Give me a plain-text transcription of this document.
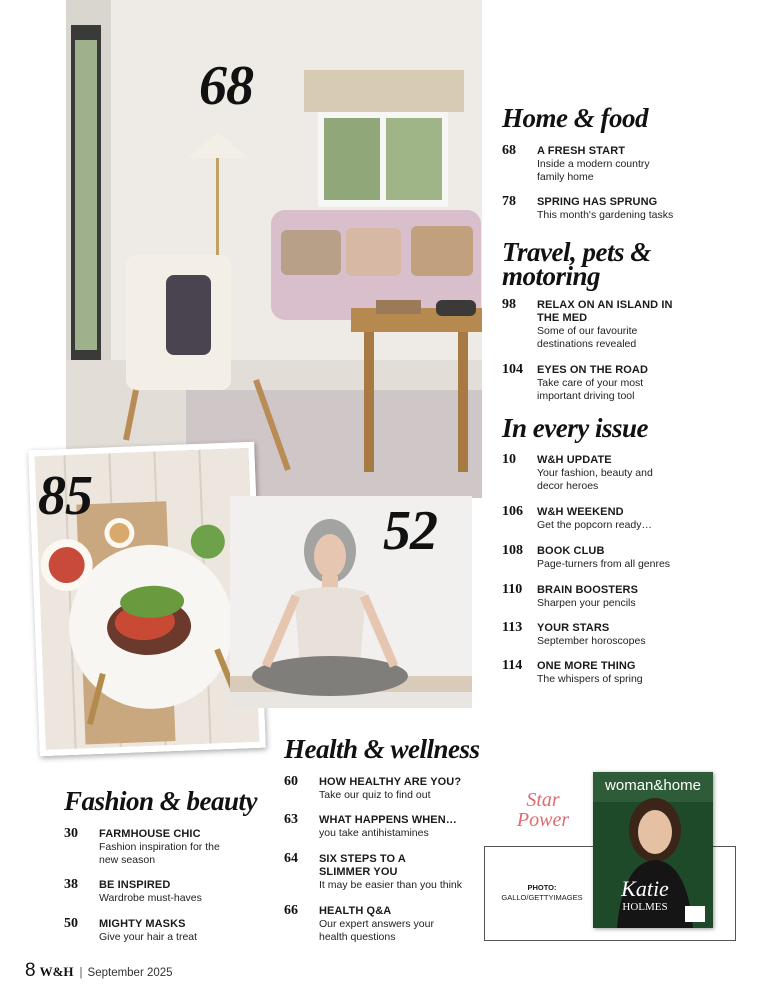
68
85
52
Home & food
68 A FRESH START
Inside a modern country family home
78 SPRING HAS SPRUNG
This month's gardening tasks
Travel, pets &
motoring
98 RELAX ON AN ISLAND IN THE MED
Some of our favourite destinations revealed
104 EYES ON THE ROAD
Take care of your most important driving tool
In every issue
10 W&H UPDATE
Your fashion, beauty and decor heroes
106 W&H WEEKEND
Get the popcorn ready…
108 BOOK CLUB
Page-turners from all genres
110 BRAIN BOOSTERS
Sharpen your pencils
113 YOUR STARS
September horoscopes
114 ONE MORE THING
The whispers of spring
Health & wellness
60 HOW HEALTHY ARE YOU?
Take our quiz to find out
63 WHAT HAPPENS WHEN…
you take antihistamines
64 SIX STEPS TO A SLIMMER YOU
It may be easier than you think
66 HEALTH Q&A
Our expert answers your health questions
Fashion & beauty
30 FARMHOUSE CHIC
Fashion inspiration for the new season
38 BE INSPIRED
Wardrobe must-haves
50 MIGHTY MASKS
Give your hair a treat
Star
Power
PHOTO:
GALLO/GETTYIMAGES
woman&home
Katie
HOLMES
8 W&H | September 2025
